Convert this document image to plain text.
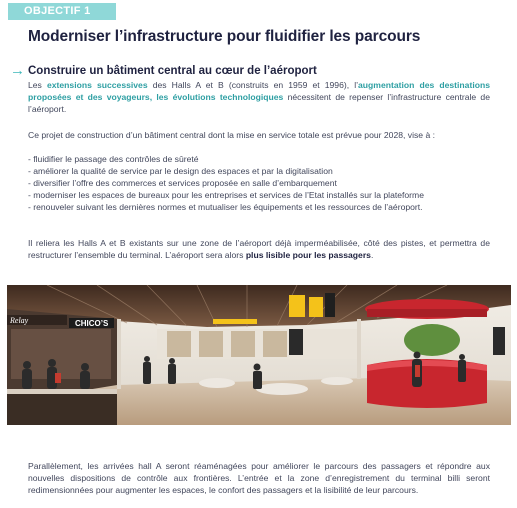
OBJECTIF 1
Moderniser l’infrastructure pour fluidifier les parcours
→ Construire un bâtiment central au cœur de l’aéroport
Les extensions successives des Halls A et B (construits en 1959 et 1996), l’augmentation des destinations proposées et des voyageurs, les évolutions technologiques nécessitent de repenser l’infrastructure centrale de l’aéroport.
Ce projet de construction d’un bâtiment central dont la mise en service totale est prévue pour 2028, vise à :
- fluidifier le passage des contrôles de sûreté
- améliorer la qualité de service par le design des espaces et par la digitalisation
- diversifier l’offre des commerces et services proposée en salle d’embarquement
- moderniser les espaces de bureaux pour les entreprises et services de l’Etat installés sur la plateforme
- renouveler suivant les dernières normes et mutualiser les équipements et les ressources de l’aéroport.
Il reliera les Halls A et B existants sur une zone de l’aéroport déjà imperméabilisée, côté des pistes, et permettra de restructurer l’ensemble du terminal. L’aéroport sera alors plus lisible pour les passagers.
Relay	CHICO’S
Parallèlement, les arrivées hall A seront réaménagées pour améliorer le parcours des passagers et répondre aux nouvelles dispositions de contrôle aux frontières. L’entrée et la zone d’enregistrement du terminal billi seront redimensionnées pour augmenter les espaces, le confort des passagers et la lisibilité de leur parcours.
